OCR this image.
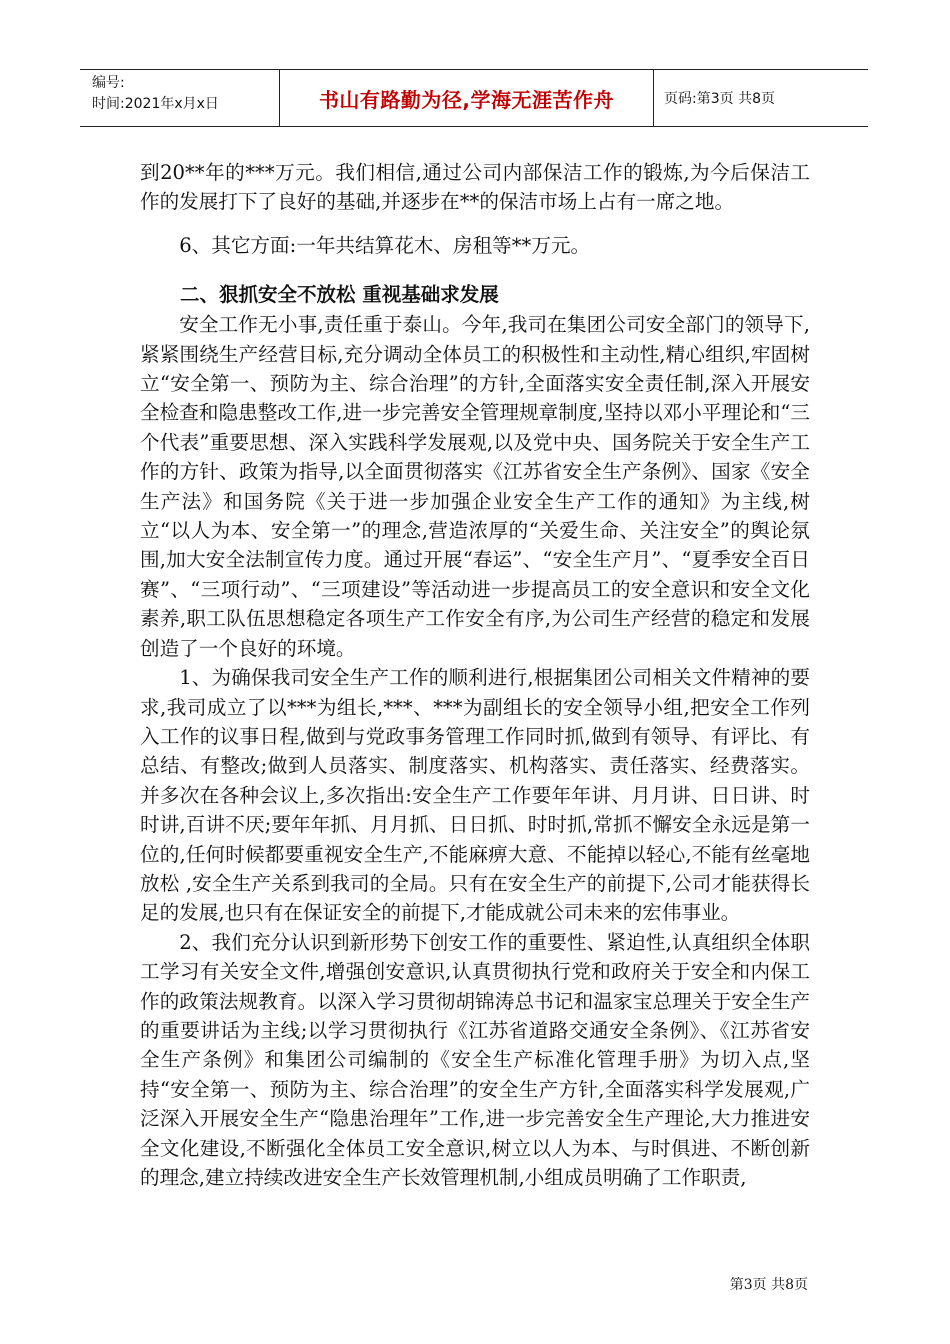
编号:
时间:2021年x月x日	书山有路勤为径,学海无涯苦作舟	页码:第3页 共8页

到20**年的***万元。我们相信,通过公司内部保洁工作的锻炼,为今后保洁工作的发展打下了良好的基础,并逐步在**的保洁市场上占有一席之地。

6、其它方面:一年共结算花木、房租等**万元。

二、狠抓安全不放松 重视基础求发展

安全工作无小事,责任重于泰山。今年,我司在集团公司安全部门的领导下,紧紧围绕生产经营目标,充分调动全体员工的积极性和主动性,精心组织,牢固树立“安全第一、预防为主、综合治理”的方针,全面落实安全责任制,深入开展安全检查和隐患整改工作,进一步完善安全管理规章制度,坚持以邓小平理论和“三个代表”重要思想、深入实践科学发展观,以及党中央、国务院关于安全生产工作的方针、政策为指导,以全面贯彻落实《江苏省安全生产条例》、国家《安全生产法》和国务院《关于进一步加强企业安全生产工作的通知》为主线,树立“以人为本、安全第一”的理念,营造浓厚的“关爱生命、关注安全”的舆论氛围,加大安全法制宣传力度。通过开展“春运”、“安全生产月”、“夏季安全百日赛”、“三项行动”、“三项建设”等活动进一步提高员工的安全意识和安全文化素养,职工队伍思想稳定各项生产工作安全有序,为公司生产经营的稳定和发展创造了一个良好的环境。

1、为确保我司安全生产工作的顺利进行,根据集团公司相关文件精神的要求,我司成立了以***为组长,***、***为副组长的安全领导小组,把安全工作列入工作的议事日程,做到与党政事务管理工作同时抓,做到有领导、有评比、有总结、有整改;做到人员落实、制度落实、机构落实、责任落实、经费落实。并多次在各种会议上,多次指出:安全生产工作要年年讲、月月讲、日日讲、时时讲,百讲不厌;要年年抓、月月抓、日日抓、时时抓,常抓不懈安全永远是第一位的,任何时候都要重视安全生产,不能麻痹大意、不能掉以轻心,不能有丝毫地放松 ,安全生产关系到我司的全局。只有在安全生产的前提下,公司才能获得长足的发展,也只有在保证安全的前提下,才能成就公司未来的宏伟事业。

2、我们充分认识到新形势下创安工作的重要性、紧迫性,认真组织全体职工学习有关安全文件,增强创安意识,认真贯彻执行党和政府关于安全和内保工作的政策法规教育。以深入学习贯彻胡锦涛总书记和温家宝总理关于安全生产的重要讲话为主线;以学习贯彻执行《江苏省道路交通安全条例》、《江苏省安全生产条例》和集团公司编制的《安全生产标准化管理手册》为切入点,坚持“安全第一、预防为主、综合治理”的安全生产方针,全面落实科学发展观,广泛深入开展安全生产“隐患治理年”工作,进一步完善安全生产理论,大力推进安全文化建设,不断强化全体员工安全意识,树立以人为本、与时俱进、不断创新的理念,建立持续改进安全生产长效管理机制,小组成员明确了工作职责,

第3页 共8页
